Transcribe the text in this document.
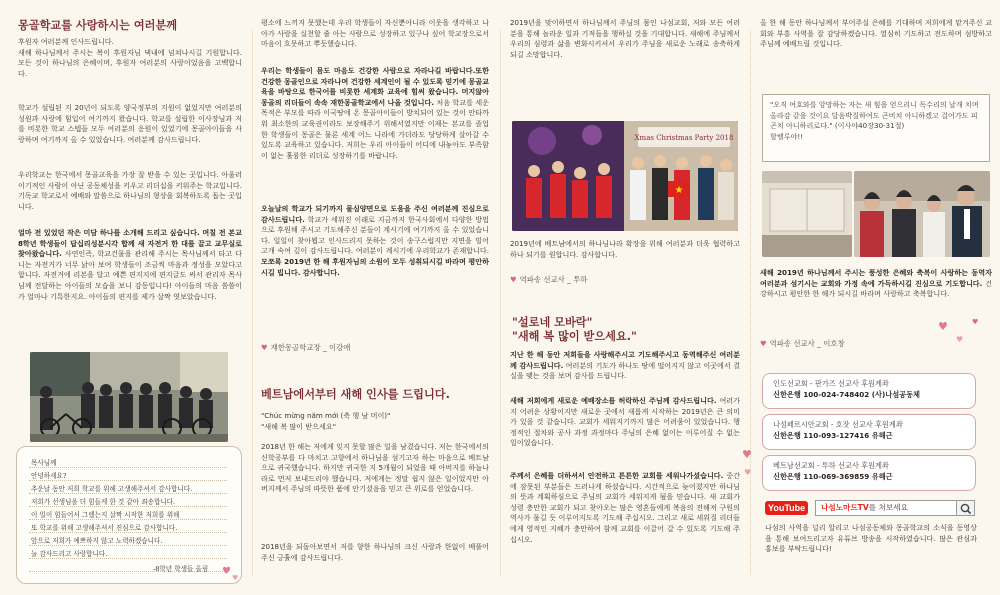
몽골학교를 사랑하시는 여러분께
후원자 여러분께 인사드립니다.
새해 하나님께서 주시는 복이 후원자님 댁내에 넘쳐나시길 기원합니다. 모든 것이 하나님의 은혜이며, 후원자 여러분의 사랑이었음을 고백합니다.
학교가 설립된 지 20년이 되도록 양국정부의 지원이 없었지만 여러분의 성원과 사랑에 힘입어 여기까지 왔습니다. 학교를 설립한 이사장님과 저를 비롯한 학교 스텝들 모두 여러분의 응원이 있었기에 몽골아이들을 사랑하며 여기까지 올 수 있었습니다. 여러분께 감사드립니다.
우리학교는 한국에서 몽골교육을 가장 잘 받을 수 있는 곳입니다. 아울러 이기적인 사람이 아닌 공동체성을 키우고 리더십을 키워주는 학교입니다. 기독교 학교로서 예배와 말씀으로 하나님의 형상을 회복하도록 돕는 곳입니다.
얼마 전 있었던 작은 미담 하나를 소개해 드리고 싶습니다. 며칠 전 본교 8학년 학생들이 답십리성분시각 합께 새 자전거 한 대를 끌고 교무실로 찾아왔습니다. 사연인즉, 학교건물을 관리해 주시는 목사님께서 타고 다니는 자전거가 너무 낡아 보여 학생들이 조금씩 마음과 정성을 모았다고 합니다. 자전거에 리본을 달고 예쁜 편지지에 편지글도 써서 관리자 목사님께 전달하는 아이들의 모습을 보니 감동입니다! 아이들의 마음 씀씀이가 얼마나 기특한지요. 아이들의 편지를 제가 살짝 엿보았습니다.
목사님께
안녕하세요?
추운날 동안 저희 학교를 위해 고생해주셔서 감사합니다.
저희가 선생님을 더 힘들게 한 것 같아 죄송합니다.
이 일이 힘들어서 그랬는지 살짝 시작한 저희를 위해
또 학교를 위해 고생해주셔서 진심으로 감사합니다.
앞으로 저희가 예쁘하지 않고 노력하겠습니다.
늘 감사드리고 사랑합니다.
-8학년 학생들 올림 ♥
♥
평소에 느끼지 못했는데 우리 학생들이 자신뿐아니라 이웃을 생각하고 나아가 사랑을 실천할 줄 아는 사람으로 성장하고 있구나 싶어 학교장으로서 마음이 흐뭇하고 뿌듯했습니다.
우리는 학생들이 몸도 마음도 건강한 사람으로 자라나길 바랍니다.또한 건강한 몽골인으로 자라나며 건강한 세계인이 될 수 있도록 믿기에 몽골교육을 바탕으로 한국어를 비롯한 세계화 교육에 힘써 왔습니다. 머지않아 몽골의 리더들이 속속 재한몽골학교에서 나올 것입니다. 처음 학교를 세운 목적은 부모를 따라 이국땅에 온 몽골아이들이 방치되어 있는 것이 안타까워 최소한의 교육권이라도 보장해주기 위해서였지만 이제는 본교를 졸업한 학생들이 몽골은 물론 세계 어느 나라에 가더라도 당당하게 살아갈 수 있도록 교육하고 있습니다. 저희는 우리 아이들이 어디에 내놓아도 부족함이 없는 훌륭한 리더로 성장하기를 바랍니다.
오늘날의 학교가 되기까지 물심양면으로 도움을 주신 여러분께 진심으로 감사드립니다. 학교가 세워진 이래로 지금까지 한국사회에서 다양한 방법으로 후원해 주시고 기도해주신 분들이 계시기에 여기까지 올 수 있었습니다. 일일이 찾아뵙고 인사드리지 못하는 것이 송구스럽지만 지면을 빌어 고개 숙여 깊이 감사드립니다. 여러분이 계시기에 우리학교가 존재합니다. 모쪼록 2019년 한 해 후원자님의 소원이 모두 성취되시길 바라며 평안하시길 빕니다. 감사합니다.
♥ 재한몽골학교장 _ 이강애
베트남에서부터 새해 인사를 드립니다.
"Chúc mừng năm mới (축 행 남 머이)"
"새해 복 많이 받으세요"
2018년 한 해는 저에게 잊지 못할 많은 일을 남겼습니다. 저는 한국에서의 신학공부를 다 마치고 고향에서 하나님을 섬기고자 하는 마음으로 베트남으로 귀국했습니다. 하지만 귀국한 지 5개월이 되었을 때 아버지를 하늘나라로 먼저 보내드리야 했습니다. 저에게는 정말 쉽지 않은 일이었지만 아버지께서 주님의 따뜻한 품에 안기셨음을 믿고 큰 위로를 얻었습니다.
2018년을 되돌아보면서 저를 향한 하나님의 크신 사랑과 한없이 베풀어 주신 긍휼에 감사드립니다.
2019년을 맞이하면서 하나님께서 주님의 몸인 나섬교회, 저와 모든 여러분을 통해 놀라운 일과 기적들을 행하실 것을 기대합니다. 새해에 주님께서 우리의 심령과 삶을 변화시키셔서 우리가 주님을 새로운 노래로 송축하게 되길 소망합니다.
Xmas Christmas Party 2018
★
2019년에 베트남에서의 하나님나라 확장을 위해 여러분과 더욱 협력하고 하나 되기를 원합니다. 감사합니다.
♥ 역파송 선교사 _ 투하
"설로네 모바락"
"새해 복 많이 받으세요."
지난 한 해 동안 저희들을 사랑해주시고 기도해주시고 동역해주신 여러분께 감사드립니다. 여러분의 기도가 하나도 땅에 떨어지지 않고 이곳에서 결실을 맺는 것을 보며 감사를 드립니다.
새해 저희에게 새로운 예배장소를 허락하신 주님께 감사드립니다. 여러가지 어려운 상황이지만 새로운 곳에서 새롭게 시작하는 2019년은 큰 의미가 있을 것 같습니다. 교회가 세워지기까지 많은 어려움이 있었습니다. 행정적인 절차와 공사 과정 과정마다 주님의 은혜 없이는 이루어질 수 없는 일이었습니다.
주께서 은혜를 더하셔서 안전하고 튼튼한 교회를 세워나가셨습니다. 중간에 잠못된 부분들은 드러나게 하셨습니다. 시간적으로 늦어졌지만 하나님의 뜻과 계획하심으로 주님의 교회가 세워지게 됨을 믿습니다. 새 교회가 성령 충만한 교회가 되고 찾아오는 많은 영혼들에게 복음의 전해져 구원의 역사가 물길 듯 이루어지도록 기도해 주십시오. 그리고 새로 세워질 리더들에게 영적인 지혜가 충만하여 함께 교회를 이끌어 갈 수 있도록 기도해 주십시오.
올 한 해 동안 하나님께서 부어주실 은혜를 기대하며 저희에게 맡겨주신 교회와 부흥 사역을 잘 감당하겠습니다. 열심히 기도하고 전도하며 섬방하고 주님께 예배드릴 것입니다.
"오직 여호와를 앙망하는 자는 새 힘을 얻으리니 독수리의 날개 치며 올라감 같을 것이요 달음박질하여도 곤비치 아니하겠고 걸어가도 피곤치 아니하리로다." (이사야40장30-31절)
할렐루야!!
새해 2019년 하나님께서 주시는 풍성한 은혜와 축복이 사랑하는 동역자 여러분과 섬기시는 교회와 가정 속에 가득하시길 진심으로 기도합니다. 건강하시고 평안한 한 해가 되시길 바라며 사랑하고 축복합니다.
♥ 역파송 선교사 _ 이호창
♥
♥
♥
인도선교회 - 판가즈 선교사 후원계좌
신한은행 100-024-748402 (사)나섬공동체
나섬페르시안교회 - 호잣 선교사 후원계좌
신한은행 110-093-127416 유해근
베트남선교회 - 투하 선교사 후원계좌
신한은행 110-069-369859 유해근
♥
♥
YouTube	나섬노마드TV를 쳐보세요
나섬의 사역을 널리 알리고 나섬공동체와 몽골학교의 소식을 동영상을 통해 보여드리고자 유튜브 방송을 시작하였습니다. 많은 관심과 홍보를 부탁드립니다!
